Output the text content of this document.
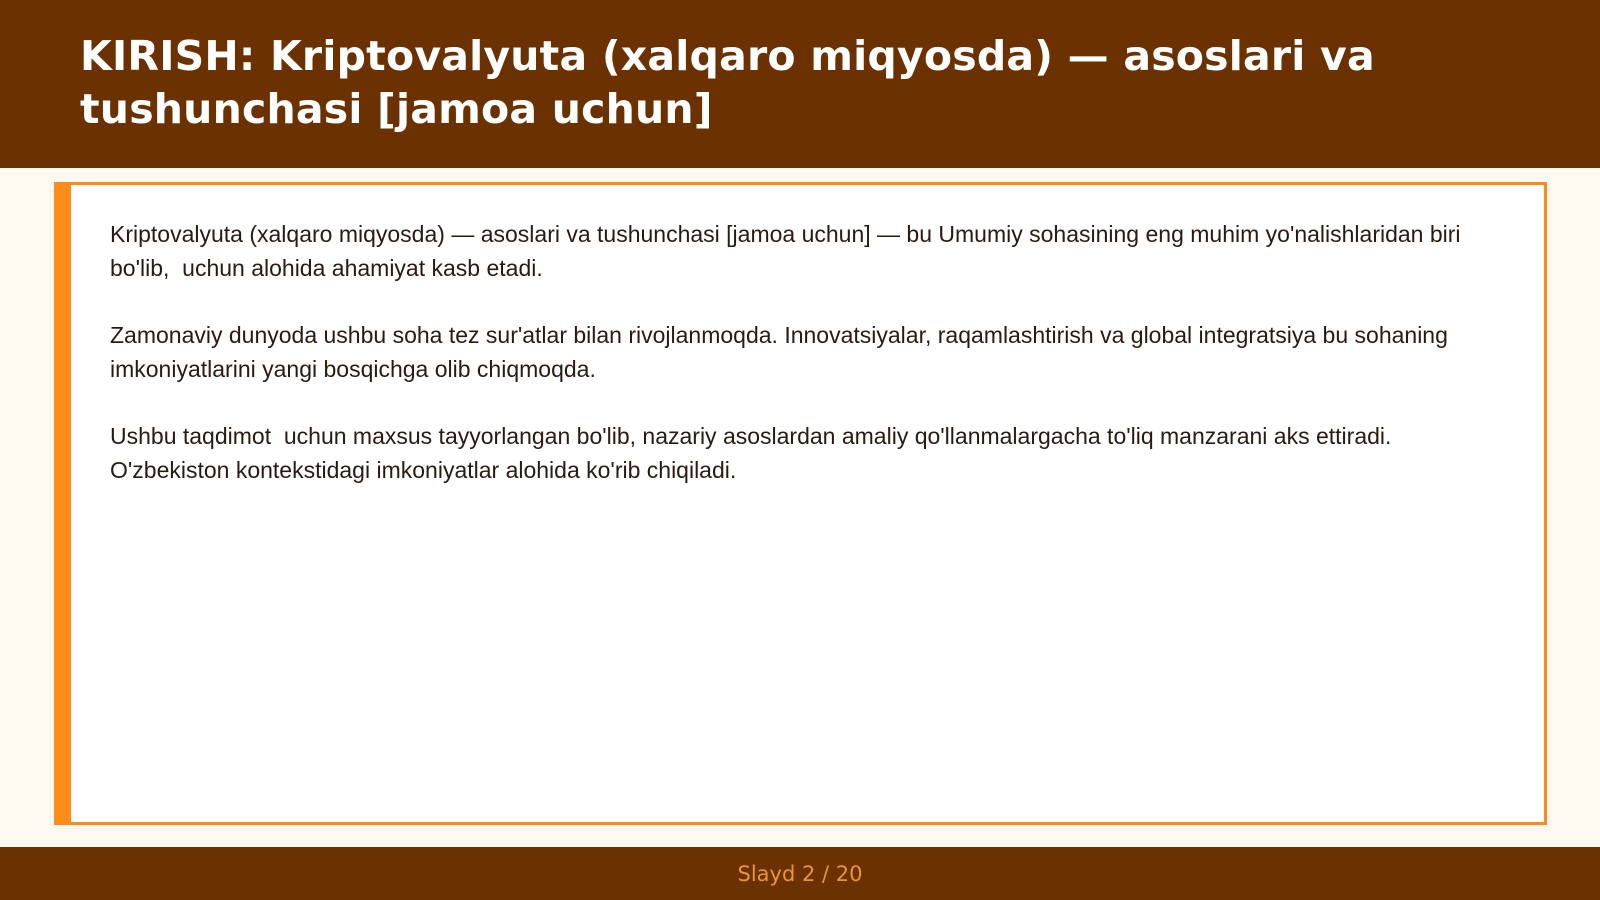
KIRISH: Kriptovalyuta (xalqaro miqyosda) — asoslari va tushunchasi [jamoa uchun]

Kriptovalyuta (xalqaro miqyosda) — asoslari va tushunchasi [jamoa uchun] — bu Umumiy sohasining eng muhim yo'nalishlaridan biri bo'lib,  uchun alohida ahamiyat kasb etadi.

Zamonaviy dunyoda ushbu soha tez sur'atlar bilan rivojlanmoqda. Innovatsiyalar, raqamlashtirish va global integratsiya bu sohaning imkoniyatlarini yangi bosqichga olib chiqmoqda.

Ushbu taqdimot  uchun maxsus tayyorlangan bo'lib, nazariy asoslardan amaliy qo'llanmalargacha to'liq manzarani aks ettiradi. O'zbekiston kontekstidagi imkoniyatlar alohida ko'rib chiqiladi.

Slayd 2 / 20
